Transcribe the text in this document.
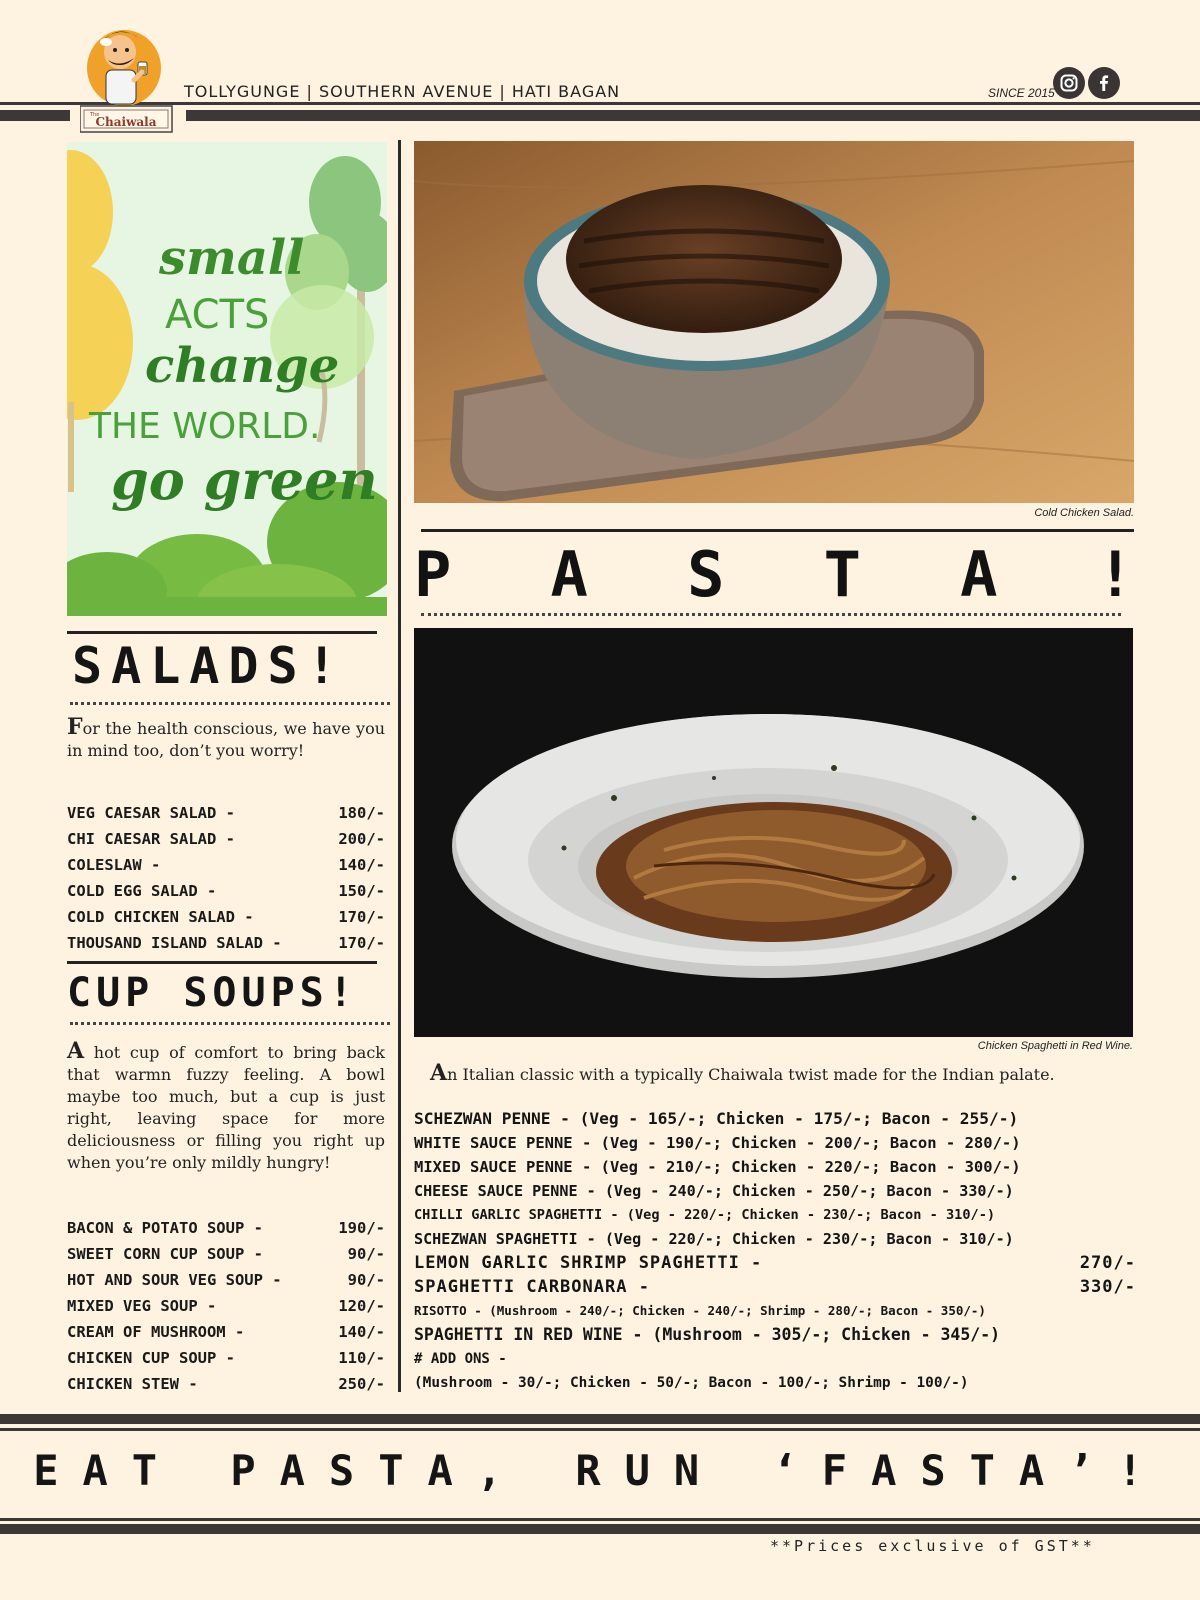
The
Chaiwala
TOLLYGUNGE | SOUTHERN AVENUE | HATI BAGAN	SINCE 2015
small
ACTS
change
THE WORLD.
go green
SALADS!
For the health conscious, we have you in mind too, don’t you worry!
VEG CAESAR SALAD -	180/-
CHI CAESAR SALAD -	200/-
COLESLAW -	140/-
COLD EGG SALAD -	150/-
COLD CHICKEN SALAD -	170/-
THOUSAND ISLAND SALAD -	170/-
CUP SOUPS!
A hot cup of comfort to bring back that warmn fuzzy feeling. A bowl maybe too much, but a cup is just right, leaving space for more deliciousness or filling you right up when you’re only mildly hungry!
BACON & POTATO SOUP -	190/-
SWEET CORN CUP SOUP -	90/-
HOT AND SOUR VEG SOUP -	90/-
MIXED VEG SOUP -	120/-
CREAM OF MUSHROOM -	140/-
CHICKEN CUP SOUP -	110/-
CHICKEN STEW -	250/-
Cold Chicken Salad.
P A S T A !
Chicken Spaghetti in Red Wine.
An Italian classic with a typically Chaiwala twist made for the Indian palate.
SCHEZWAN PENNE - (Veg - 165/-; Chicken - 175/-; Bacon - 255/-)
WHITE SAUCE PENNE - (Veg - 190/-; Chicken - 200/-; Bacon - 280/-)
MIXED SAUCE PENNE - (Veg - 210/-; Chicken - 220/-; Bacon - 300/-)
CHEESE SAUCE PENNE - (Veg - 240/-; Chicken - 250/-; Bacon - 330/-)
CHILLI GARLIC SPAGHETTI - (Veg - 220/-; Chicken - 230/-; Bacon - 310/-)
SCHEZWAN SPAGHETTI - (Veg - 220/-; Chicken - 230/-; Bacon - 310/-)
LEMON GARLIC SHRIMP SPAGHETTI -	270/-
SPAGHETTI CARBONARA -	330/-
RISOTTO - (Mushroom - 240/-; Chicken - 240/-; Shrimp - 280/-; Bacon - 350/-)
SPAGHETTI IN RED WINE - (Mushroom - 305/-; Chicken - 345/-)
# ADD ONS -
(Mushroom - 30/-; Chicken - 50/-; Bacon - 100/-; Shrimp - 100/-)
EAT PASTA, RUN ‘FASTA’!
**Prices exclusive of GST**
